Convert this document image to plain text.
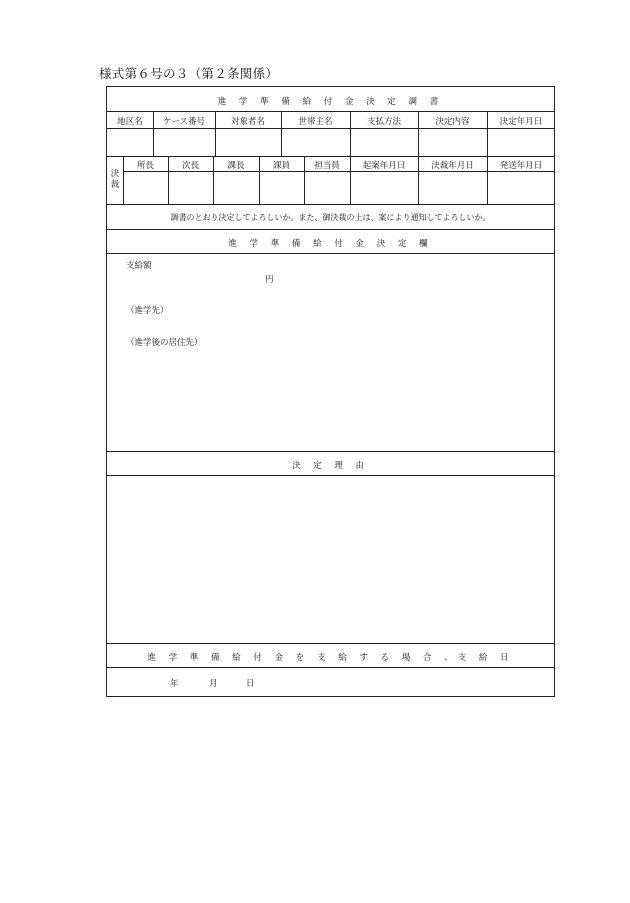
様式第６号の３（第２条関係）
進 学 準 備 給 付 金 決 定 調 書
地区名	ケース番号	対象者名	世帯主名	支払方法	決定内容	決定年月日
決
裁
所長	次長	課長	課員	担当員	起案年月日	決裁年月日	発送年月日
調書のとおり決定してよろしいか。また、御決裁の上は、案により通知してよろしいか。
進 学 準 備 給 付 金 決 定 欄
支給額
円
（進学先）
（進学後の居住先）
決 定 理 由
進 学 準 備 給 付 金 を 支 給 す る 場 合 、支 給 日
年	月	日
